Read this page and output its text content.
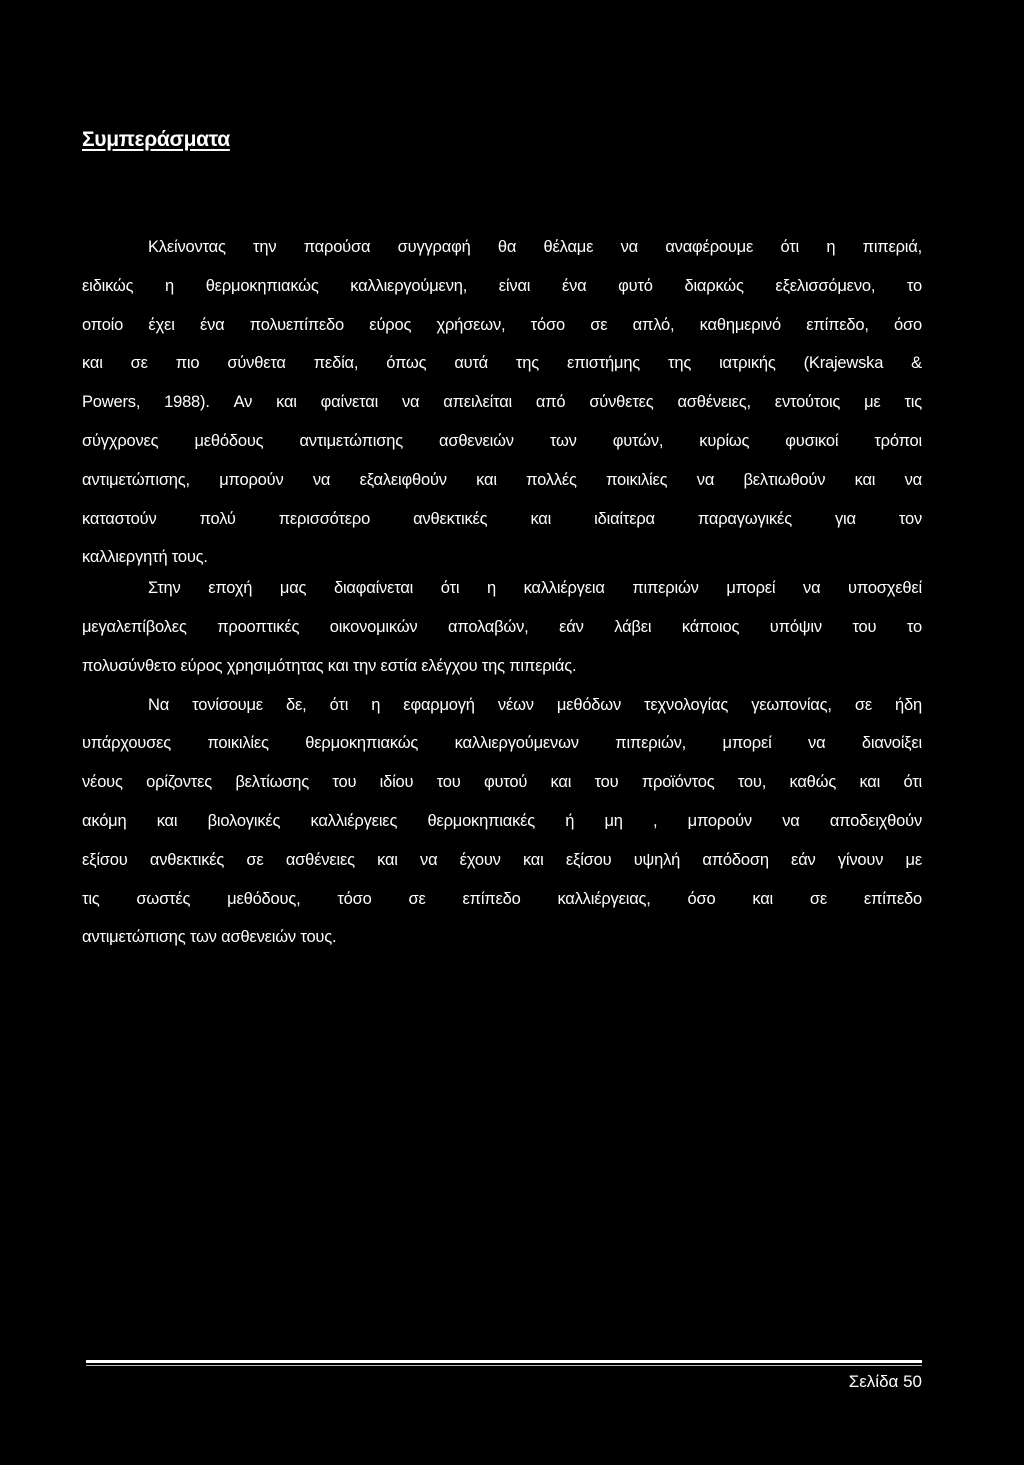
Συμπεράσματα
Κλείνοντας την παρούσα συγγραφή θα θέλαμε να αναφέρουμε ότι η πιπεριά,
ειδικώς η θερμοκηπιακώς καλλιεργούμενη, είναι ένα φυτό διαρκώς εξελισσόμενο, το
οποίο έχει ένα πολυεπίπεδο εύρος χρήσεων, τόσο σε απλό, καθημερινό επίπεδο, όσο
και σε πιο σύνθετα πεδία, όπως αυτά της επιστήμης της ιατρικής (Krajewska &
Powers, 1988). Αν και φαίνεται να απειλείται από σύνθετες ασθένειες, εντούτοις με τις
σύγχρονες μεθόδους αντιμετώπισης ασθενειών των φυτών, κυρίως φυσικοί τρόποι
αντιμετώπισης, μπορούν να εξαλειφθούν και πολλές ποικιλίες να βελτιωθούν και να
καταστούν πολύ περισσότερο ανθεκτικές και ιδιαίτερα παραγωγικές για τον
καλλιεργητή τους.
Στην εποχή μας διαφαίνεται ότι η καλλιέργεια πιπεριών μπορεί να υποσχεθεί
μεγαλεπίβολες προοπτικές οικονομικών απολαβών, εάν λάβει κάποιος υπόψιν του το
πολυσύνθετο εύρος χρησιμότητας και την εστία ελέγχου της πιπεριάς.
Να τονίσουμε δε, ότι η εφαρμογή νέων μεθόδων τεχνολογίας γεωπονίας, σε ήδη
υπάρχουσες ποικιλίες θερμοκηπιακώς καλλιεργούμενων πιπεριών, μπορεί να διανοίξει
νέους ορίζοντες βελτίωσης του ιδίου του φυτού και του προϊόντος του, καθώς και ότι
ακόμη και βιολογικές καλλιέργειες θερμοκηπιακές ή μη , μπορούν να αποδειχθούν
εξίσου ανθεκτικές σε ασθένειες και να έχουν και εξίσου υψηλή απόδοση εάν γίνουν με
τις σωστές μεθόδους, τόσο σε επίπεδο καλλιέργειας, όσο και σε επίπεδο
αντιμετώπισης των ασθενειών τους.
Σελίδα 50
